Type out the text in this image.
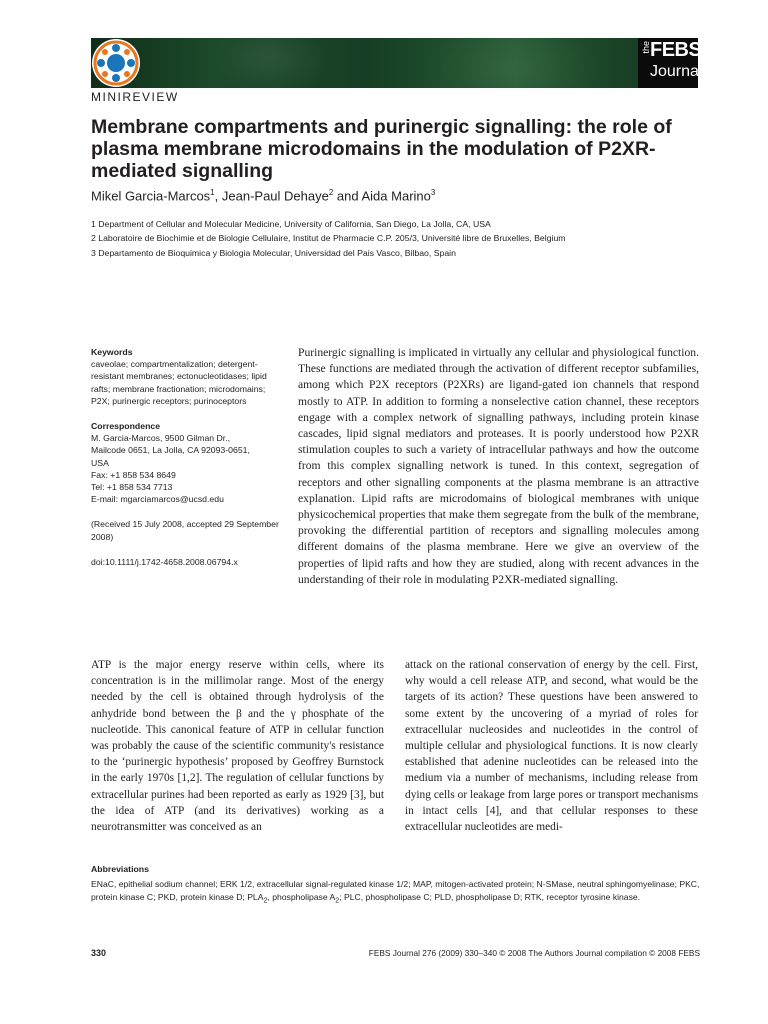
the FEBS
Journal
MINIREVIEW
Membrane compartments and purinergic signalling: the role of plasma membrane microdomains in the modulation of P2XR-mediated signalling
Mikel Garcia-Marcos$^1$, Jean-Paul Dehaye$^2$ and Aida Marino$^3$
1 Department of Cellular and Molecular Medicine, University of California, San Diego, La Jolla, CA, USA
2 Laboratoire de Biochimie et de Biologie Cellulaire, Institut de Pharmacie C.P. 205/3, Université libre de Bruxelles, Belgium
3 Departamento de Bioquimica y Biologia Molecular, Universidad del Pais Vasco, Bilbao, Spain

Keywords

caveolae; compartmentalization; detergent-resistant membranes; ectonucleotidases; lipid rafts; membrane fractionation; microdomains; P2X; purinergic receptors; purinoceptors

Correspondence

M. Garcia-Marcos, 9500 Gilman Dr.,

Mailcode 0651, La Jolla, CA 92093-0651,

USA

Fax: +1 858 534 8649

Tel: +1 858 534 7713

E-mail: mgarciamarcos@ucsd.edu

(Received 15 July 2008, accepted 29 September 2008)

doi:10.1111/j.1742-4658.2008.06794.x

Purinergic signalling is implicated in virtually any cellular and physiological function. These functions are mediated through the activation of different receptor subfamilies, among which P2X receptors (P2XRs) are ligand-gated ion channels that respond mostly to ATP. In addition to forming a nonselective cation channel, these receptors engage with a complex network of signalling pathways, including protein kinase cascades, lipid signal mediators and proteases. It is poorly understood how P2XR stimulation couples to such a variety of intracellular pathways and how the outcome from this complex signalling network is tuned. In this context, segregation of receptors and other signalling components at the plasma membrane is an attractive explanation. Lipid rafts are microdomains of biological membranes with unique physicochemical properties that make them segregate from the bulk of the membrane, provoking the differential partition of receptors and signalling molecules among different domains of the plasma membrane. Here we give an overview of the properties of lipid rafts and how they are studied, along with recent advances in the understanding of their role in modulating P2XR-mediated signalling.

ATP is the major energy reserve within cells, where its concentration is in the millimolar range. Most of the energy needed by the cell is obtained through hydrolysis of the anhydride bond between the β and the γ phosphate of the nucleotide. This canonical feature of ATP in cellular function was probably the cause of the scientific community's resistance to the ‘purinergic hypothesis’ proposed by Geoffrey Burnstock in the early 1970s [1,2]. The regulation of cellular functions by extracellular purines had been reported as early as 1929 [3], but the idea of ATP (and its derivatives) working as a neurotransmitter was conceived as an

attack on the rational conservation of energy by the cell. First, why would a cell release ATP, and second, what would be the targets of its action? These questions have been answered to some extent by the uncovering of a myriad of roles for extracellular nucleosides and nucleotides in the control of multiple cellular and physiological functions. It is now clearly established that adenine nucleotides can be released into the medium via a number of mechanisms, including release from dying cells or leakage from large pores or transport mechanisms in intact cells [4], and that cellular responses to these extracellular nucleotides are medi-

Abbreviations

ENaC, epithelial sodium channel; ERK 1/2, extracellular signal-regulated kinase 1/2; MAP, mitogen-activated protein; N-SMase, neutral sphingomyelinase; PKC, protein kinase C; PKD, protein kinase D; $PLA_2$, phospholipase $A_2$; PLC, phospholipase C; PLD, phospholipase D; RTK, receptor tyrosine kinase.

330	FEBS Journal 276 (2009) 330–340 © 2008 The Authors Journal compilation © 2008 FEBS
